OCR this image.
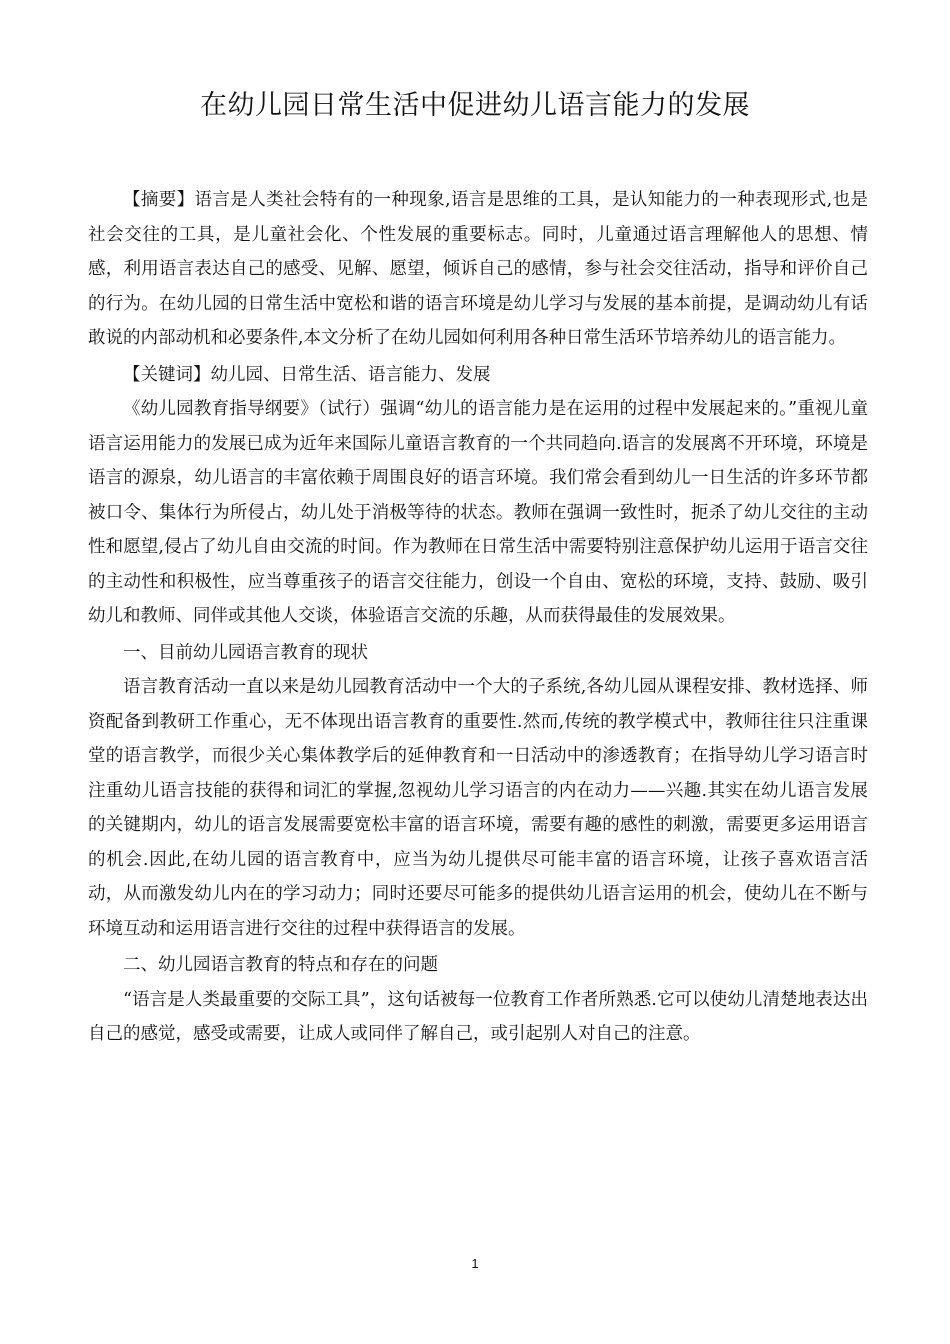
在幼儿园日常生活中促进幼儿语言能力的发展

【摘要】语言是人类社会特有的一种现象,语言是思维的工具，是认知能力的一种表现形式,也是社会交往的工具，是儿童社会化、个性发展的重要标志。同时，儿童通过语言理解他人的思想、情感，利用语言表达自己的感受、见解、愿望，倾诉自己的感情，参与社会交往活动，指导和评价自己的行为。在幼儿园的日常生活中宽松和谐的语言环境是幼儿学习与发展的基本前提，是调动幼儿有话敢说的内部动机和必要条件,本文分析了在幼儿园如何利用各种日常生活环节培养幼儿的语言能力。

【关键词】幼儿园、日常生活、语言能力、发展

《幼儿园教育指导纲要》（试行）强调“幼儿的语言能力是在运用的过程中发展起来的。”重视儿童语言运用能力的发展已成为近年来国际儿童语言教育的一个共同趋向.语言的发展离不开环境，环境是语言的源泉，幼儿语言的丰富依赖于周围良好的语言环境。我们常会看到幼儿一日生活的许多环节都被口令、集体行为所侵占，幼儿处于消极等待的状态。教师在强调一致性时，扼杀了幼儿交往的主动性和愿望,侵占了幼儿自由交流的时间。作为教师在日常生活中需要特别注意保护幼儿运用于语言交往的主动性和积极性，应当尊重孩子的语言交往能力，创设一个自由、宽松的环境，支持、鼓励、吸引幼儿和教师、同伴或其他人交谈，体验语言交流的乐趣，从而获得最佳的发展效果。

一、目前幼儿园语言教育的现状

语言教育活动一直以来是幼儿园教育活动中一个大的子系统,各幼儿园从课程安排、教材选择、师资配备到教研工作重心，无不体现出语言教育的重要性.然而,传统的教学模式中，教师往往只注重课堂的语言教学，而很少关心集体教学后的延伸教育和一日活动中的渗透教育；在指导幼儿学习语言时注重幼儿语言技能的获得和词汇的掌握,忽视幼儿学习语言的内在动力——兴趣.其实在幼儿语言发展的关键期内，幼儿的语言发展需要宽松丰富的语言环境，需要有趣的感性的刺激，需要更多运用语言的机会.因此,在幼儿园的语言教育中，应当为幼儿提供尽可能丰富的语言环境，让孩子喜欢语言活动，从而激发幼儿内在的学习动力；同时还要尽可能多的提供幼儿语言运用的机会，使幼儿在不断与环境互动和运用语言进行交往的过程中获得语言的发展。

二、幼儿园语言教育的特点和存在的问题

“语言是人类最重要的交际工具”，这句话被每一位教育工作者所熟悉.它可以使幼儿清楚地表达出自己的感觉，感受或需要，让成人或同伴了解自己，或引起别人对自己的注意。

1
